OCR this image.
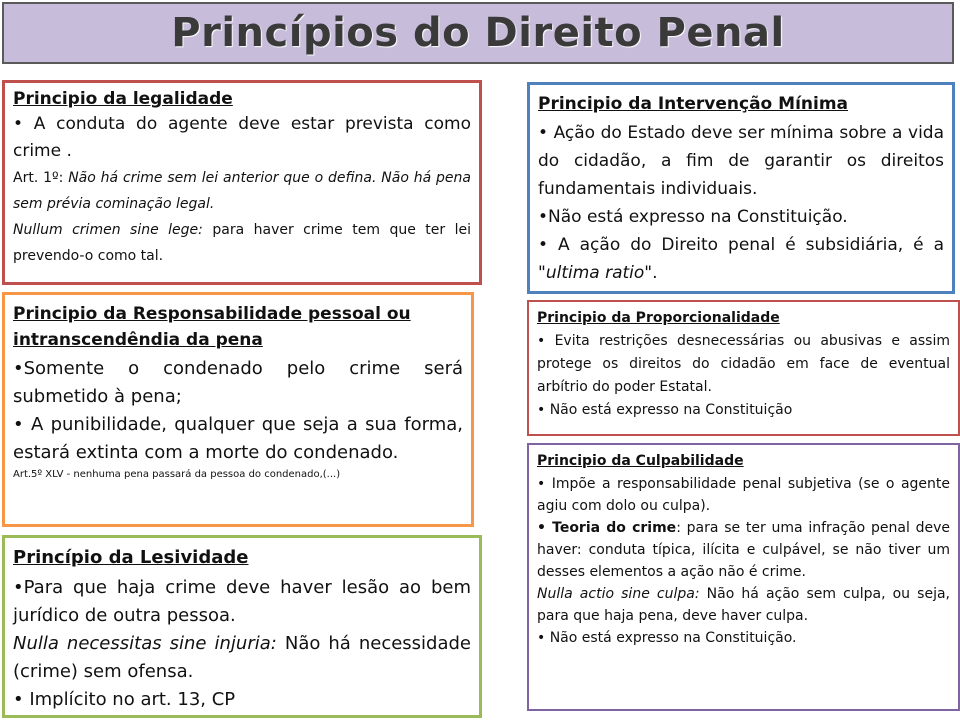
Princípios do Direito Penal
Principio da legalidade

• A conduta do agente deve estar prevista como crime .

Art. 1º: Não há crime sem lei anterior que o defina. Não há pena sem prévia cominação legal.

Nullum crimen sine lege: para haver crime tem que ter lei prevendo-o como tal.

Principio da Responsabilidade pessoal ou intranscendêndia da pena

•Somente o condenado pelo crime será submetido à pena;

• A punibilidade, qualquer que seja a sua forma, estará extinta com a morte do condenado.

Art.5º XLV - nenhuma pena passará da pessoa do condenado,(...)

Princípio da Lesividade

•Para que haja crime deve haver lesão ao bem jurídico de outra pessoa.

Nulla necessitas sine injuria: Não há necessidade (crime) sem ofensa.

• Implícito no art. 13, CP

Principio da Intervenção Mínima

• Ação do Estado deve ser mínima sobre a vida do cidadão, a fim de garantir os direitos fundamentais individuais.

•Não está expresso na Constituição.

• A ação do Direito penal é subsidiária, é a "ultima ratio".

Principio da Proporcionalidade

• Evita restrições desnecessárias ou abusivas e assim protege os direitos do cidadão em face de eventual arbítrio do poder Estatal.

• Não está expresso na Constituição

Principio da Culpabilidade

• Impõe a responsabilidade penal subjetiva (se o agente agiu com dolo ou culpa).

• Teoria do crime: para se ter uma infração penal deve haver: conduta típica, ilícita e culpável, se não tiver um desses elementos a ação não é crime.

Nulla actio sine culpa: Não há ação sem culpa, ou seja, para que haja pena, deve haver culpa.

• Não está expresso na Constituição.
